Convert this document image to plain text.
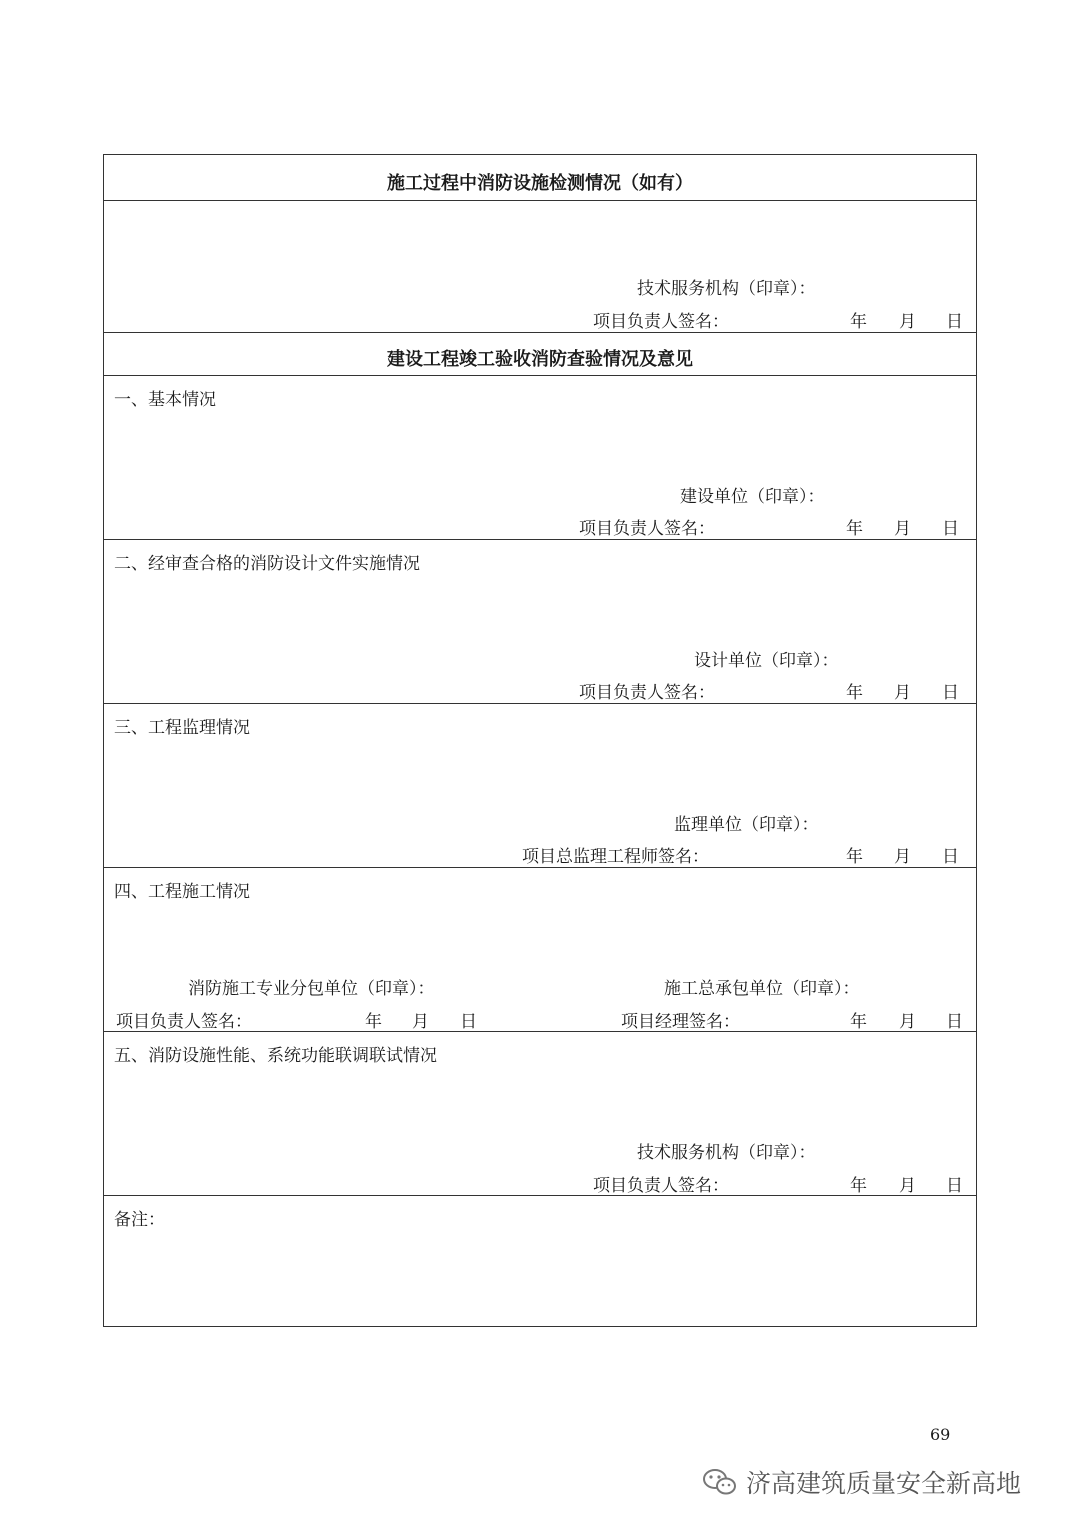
施工过程中消防设施检测情况（如有）
技术服务机构（印章）：
项目负责人签名：	年 月 日
建设工程竣工验收消防查验情况及意见
一、基本情况
建设单位（印章）：
项目负责人签名：	年 月 日
二、经审查合格的消防设计文件实施情况
设计单位（印章）：
项目负责人签名：	年 月 日
三、工程监理情况
监理单位（印章）：
项目总监理工程师签名：	年 月 日
四、工程施工情况
消防施工专业分包单位（印章）：
项目负责人签名：	年 月 日
施工总承包单位（印章）：
项目经理签名：	年 月 日
五、消防设施性能、系统功能联调联试情况
技术服务机构（印章）：
项目负责人签名：	年 月 日
备注：
69
济高建筑质量安全新高地
